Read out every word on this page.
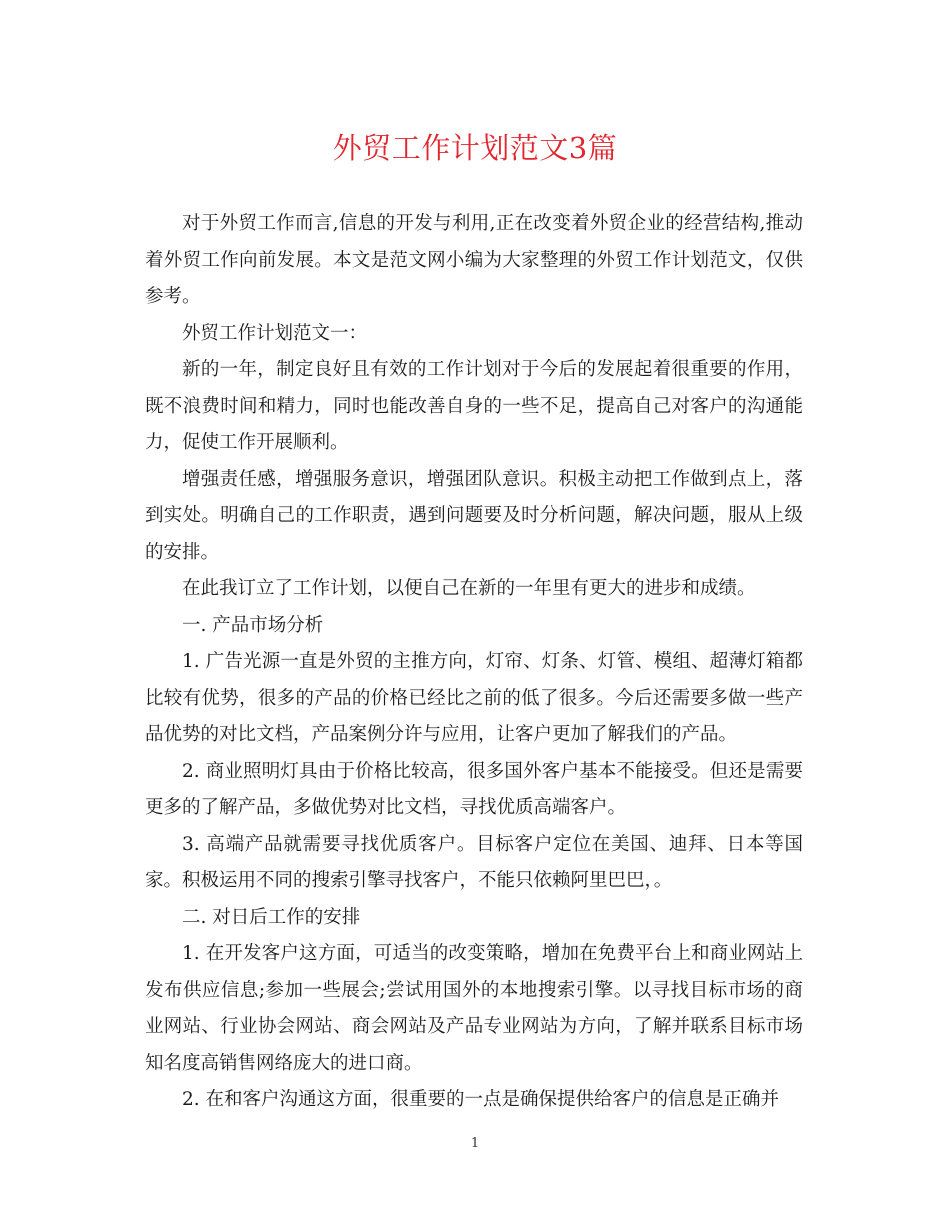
外贸工作计划范文3篇

对于外贸工作而言,信息的开发与利用,正在改变着外贸企业的经营结构,推动着外贸工作向前发展。本文是范文网小编为大家整理的外贸工作计划范文，仅供参考。

外贸工作计划范文一：

新的一年，制定良好且有效的工作计划对于今后的发展起着很重要的作用，既不浪费时间和精力，同时也能改善自身的一些不足，提高自己对客户的沟通能力，促使工作开展顺利。

增强责任感，增强服务意识，增强团队意识。积极主动把工作做到点上，落到实处。明确自己的工作职责，遇到问题要及时分析问题，解决问题，服从上级的安排。

在此我订立了工作计划，以便自己在新的一年里有更大的进步和成绩。

一. 产品市场分析

1. 广告光源一直是外贸的主推方向，灯帘、灯条、灯管、模组、超薄灯箱都比较有优势，很多的产品的价格已经比之前的低了很多。今后还需要多做一些产品优势的对比文档，产品案例分许与应用，让客户更加了解我们的产品。

2. 商业照明灯具由于价格比较高，很多国外客户基本不能接受。但还是需要更多的了解产品，多做优势对比文档，寻找优质高端客户。

3. 高端产品就需要寻找优质客户。目标客户定位在美国、迪拜、日本等国家。积极运用不同的搜索引擎寻找客户，不能只依赖阿里巴巴，。

二. 对日后工作的安排

1. 在开发客户这方面，可适当的改变策略，增加在免费平台上和商业网站上发布供应信息;参加一些展会;尝试用国外的本地搜索引擎。以寻找目标市场的商业网站、行业协会网站、商会网站及产品专业网站为方向，了解并联系目标市场知名度高销售网络庞大的进口商。

2. 在和客户沟通这方面，很重要的一点是确保提供给客户的信息是正确并

1
